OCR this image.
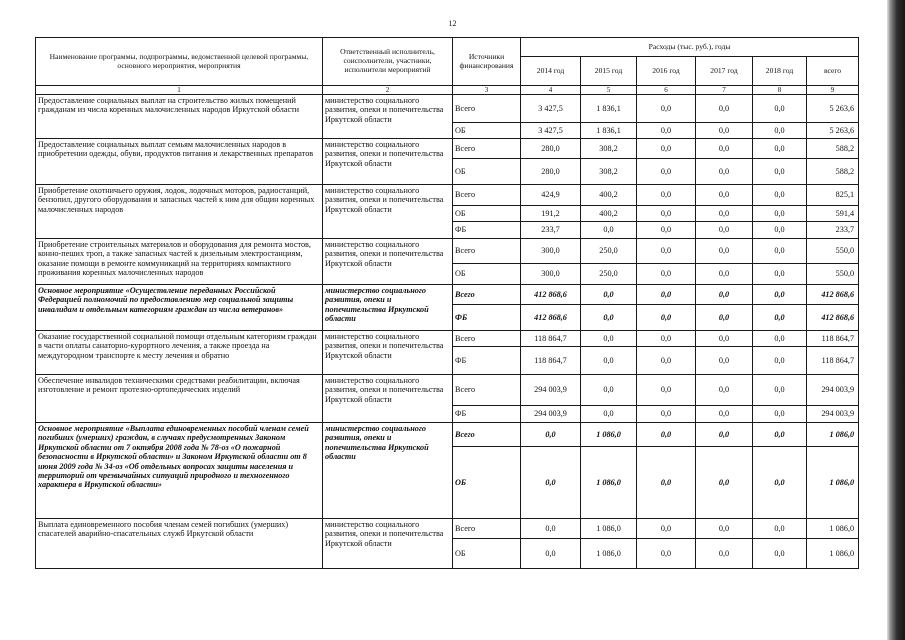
12
Наименование программы, подпрограммы, ведомственной целевой программы, основного мероприятия, мероприятия	Ответственный исполнитель, соисполнители, участники, исполнители мероприятий	Источники финансирования	Расходы (тыс. руб.), годы					
			2014 год	2015 год	2016 год	2017 год	2018 год	всего
1	2	3	4	5	6	7	8	9
Предоставление социальных выплат на строительство жилых помещений гражданам из числа коренных малочисленных народов Иркутской области	министерство социального развития, опеки и попечительства Иркутской области	Всего	3 427,5	1 836,1	0,0	0,0	0,0	5 263,6
		ОБ	3 427,5	1 836,1	0,0	0,0	0,0	5 263,6
Предоставление социальных выплат семьям малочисленных народов в приобретении одежды, обуви, продуктов питания и лекарственных препаратов	министерство социального развития, опеки и попечительства Иркутской области	Всего	280,0	308,2	0,0	0,0	0,0	588,2
		ОБ	280,0	308,2	0,0	0,0	0,0	588,2
Приобретение охотничьего оружия, лодок, лодочных моторов, радиостанций, бензопил, другого оборудования и запасных частей к ним для общин коренных малочисленных народов	министерство социального развития, опеки и попечительства Иркутской области	Всего	424,9	400,2	0,0	0,0	0,0	825,1
		ОБ	191,2	400,2	0,0	0,0	0,0	591,4
		ФБ	233,7	0,0	0,0	0,0	0,0	233,7
Приобретение строительных материалов и оборудования для ремонта мостов, конно-пеших троп, а также запасных частей к дизельным электростанциям, оказание помощи в ремонте коммуникаций на территориях компактного проживания коренных малочисленных народов	министерство социального развития, опеки и попечительства Иркутской области	Всего	300,0	250,0	0,0	0,0	0,0	550,0
		ОБ	300,0	250,0	0,0	0,0	0,0	550,0
Основное мероприятие «Осуществление переданных Российской Федерацией полномочий по предоставлению мер социальной защиты инвалидам и отдельным категориям граждан из числа ветеранов»	министерство социального развития, опеки и попечительства Иркутской области	Всего	412 868,6	0,0	0,0	0,0	0,0	412 868,6
		ФБ	412 868,6	0,0	0,0	0,0	0,0	412 868,6
Оказание государственной социальной помощи отдельным категориям граждан в части оплаты санаторно-курортного лечения, а также проезда на междугородном транспорте к месту лечения и обратно	министерство социального развития, опеки и попечительства Иркутской области	Всего	118 864,7	0,0	0,0	0,0	0,0	118 864,7
		ФБ	118 864,7	0,0	0,0	0,0	0,0	118 864,7
Обеспечение инвалидов техническими средствами реабилитации, включая изготовление и ремонт протезно-ортопедических изделий	министерство социального развития, опеки и попечительства Иркутской области	Всего	294 003,9	0,0	0,0	0,0	0,0	294 003,9
		ФБ	294 003,9	0,0	0,0	0,0	0,0	294 003,9
Основное мероприятие «Выплата единовременных пособий членам семей погибших (умерших) граждан, в случаях предусмотренных Законом Иркутской области от 7 октября 2008 года № 78-оз «О пожарной безопасности в Иркутской области» и Законом Иркутской области от 8 июня 2009 года № 34-оз «Об отдельных вопросах защиты населения и территорий от чрезвычайных ситуаций природного и техногенного характера в Иркутской области»	министерство социального развития, опеки и попечительства Иркутской области	Всего	0,0	1 086,0	0,0	0,0	0,0	1 086,0
		ОБ	0,0	1 086,0	0,0	0,0	0,0	1 086,0
Выплата единовременного пособия членам семей погибших (умерших) спасателей аварийно-спасательных служб Иркутской области	министерство социального развития, опеки и попечительства Иркутской области	Всего	0,0	1 086,0	0,0	0,0	0,0	1 086,0
		ОБ	0,0	1 086,0	0,0	0,0	0,0	1 086,0
